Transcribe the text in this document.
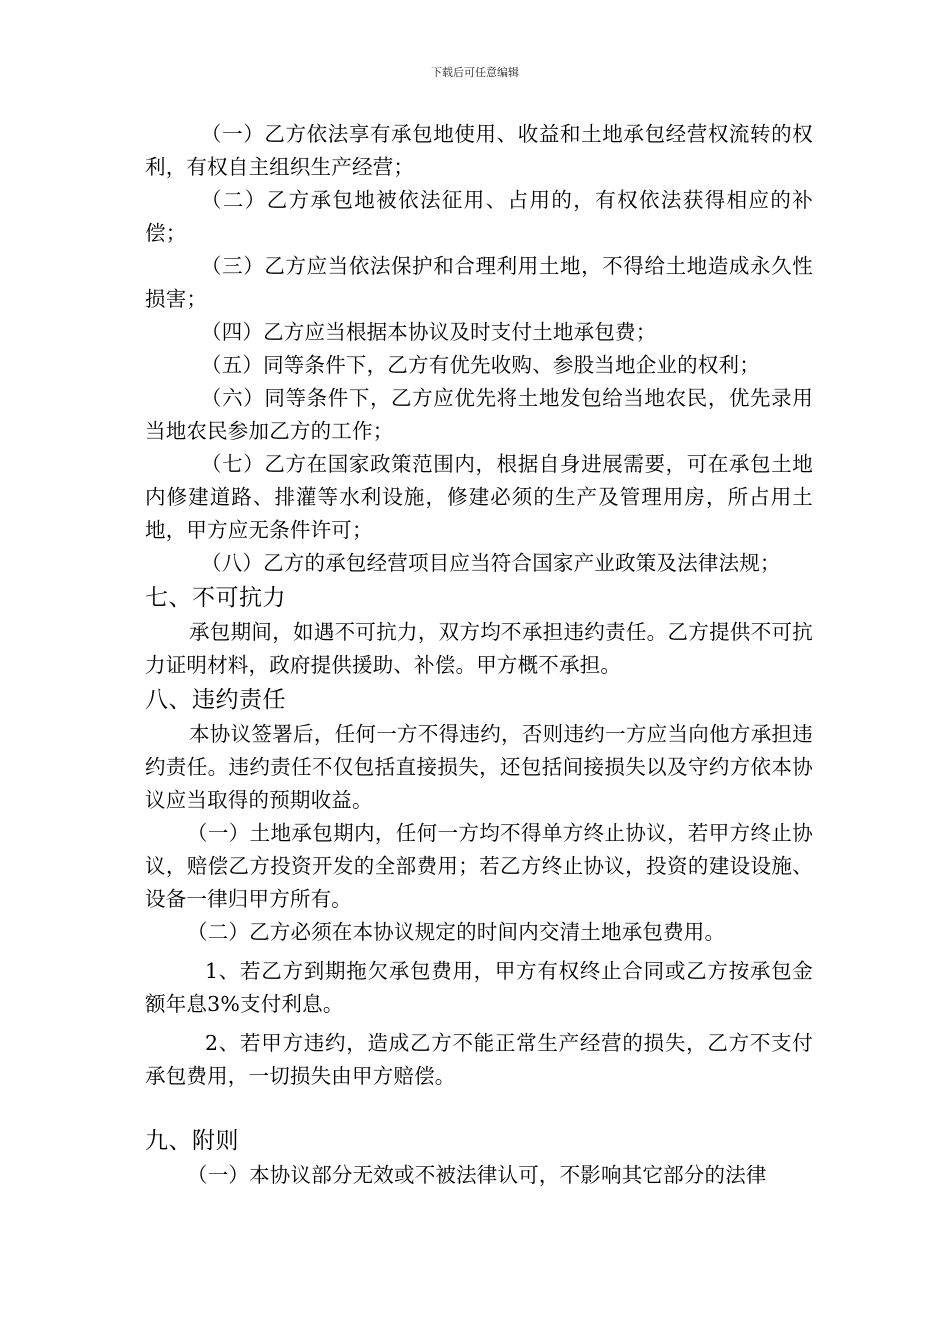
下载后可任意编辑

（一）乙方依法享有承包地使用、收益和土地承包经营权流转的权利，有权自主组织生产经营；

（二）乙方承包地被依法征用、占用的，有权依法获得相应的补偿；

（三）乙方应当依法保护和合理利用土地，不得给土地造成永久性损害；

（四）乙方应当根据本协议及时支付土地承包费；

（五）同等条件下，乙方有优先收购、参股当地企业的权利；

（六）同等条件下，乙方应优先将土地发包给当地农民，优先录用当地农民参加乙方的工作；

（七）乙方在国家政策范围内，根据自身进展需要，可在承包土地内修建道路、排灌等水利设施，修建必须的生产及管理用房，所占用土地，甲方应无条件许可；

（八）乙方的承包经营项目应当符合国家产业政策及法律法规；

七、不可抗力

承包期间，如遇不可抗力，双方均不承担违约责任。乙方提供不可抗力证明材料，政府提供援助、补偿。甲方概不承担。

八、违约责任

本协议签署后，任何一方不得违约，否则违约一方应当向他方承担违约责任。违约责任不仅包括直接损失，还包括间接损失以及守约方依本协议应当取得的预期收益。

（一）土地承包期内，任何一方均不得单方终止协议，若甲方终止协议，赔偿乙方投资开发的全部费用；若乙方终止协议，投资的建设设施、设备一律归甲方所有。

（二）乙方必须在本协议规定的时间内交清土地承包费用。

1、若乙方到期拖欠承包费用，甲方有权终止合同或乙方按承包金额年息3%支付利息。

2、若甲方违约，造成乙方不能正常生产经营的损失，乙方不支付承包费用，一切损失由甲方赔偿。

九、附则

（一）本协议部分无效或不被法律认可，不影响其它部分的法律
